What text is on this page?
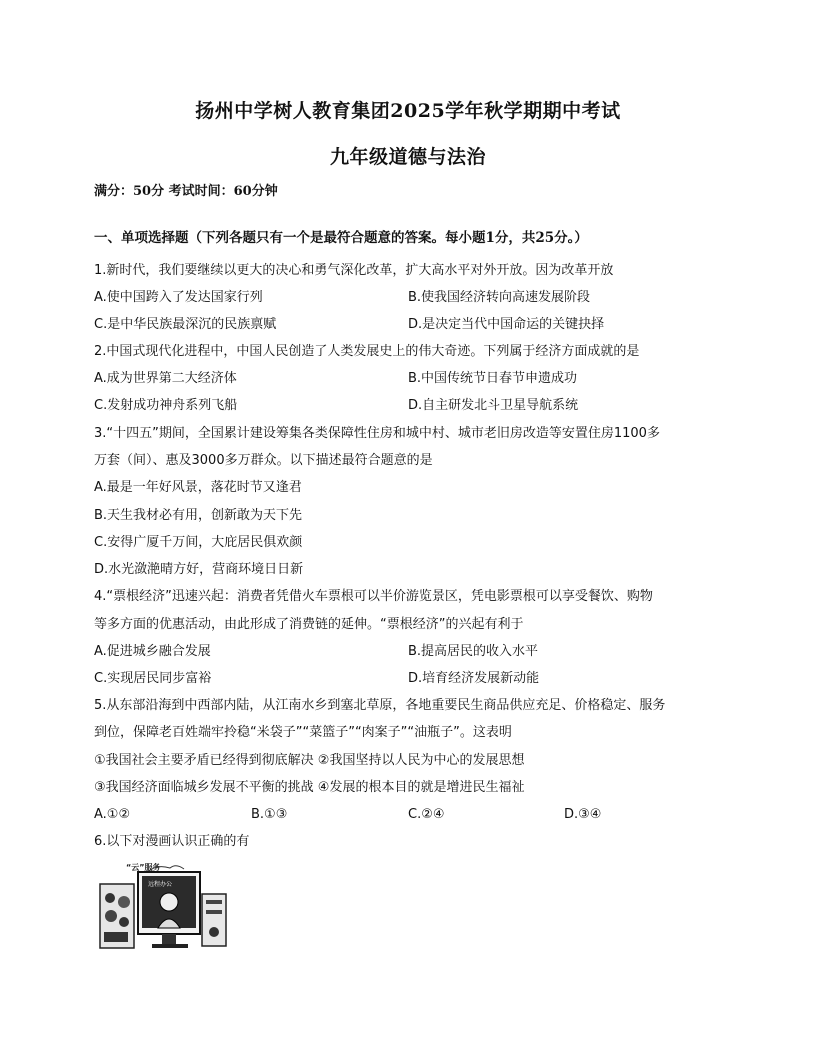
扬州中学树人教育集团2025学年秋学期期中考试
九年级道德与法治
满分：50分 考试时间：60分钟
一、单项选择题（下列各题只有一个是最符合题意的答案。每小题1分，共25分。）
1.新时代，我们要继续以更大的决心和勇气深化改革，扩大高水平对外开放。因为改革开放
A.使中国跨入了发达国家行列	B.使我国经济转向高速发展阶段
C.是中华民族最深沉的民族禀赋	D.是决定当代中国命运的关键抉择
2.中国式现代化进程中，中国人民创造了人类发展史上的伟大奇迹。下列属于经济方面成就的是
A.成为世界第二大经济体	B.中国传统节日春节申遗成功
C.发射成功神舟系列飞船	D.自主研发北斗卫星导航系统
3.“十四五”期间，全国累计建设筹集各类保障性住房和城中村、城市老旧房改造等安置住房1100多
万套（间）、惠及3000多万群众。以下描述最符合题意的是
A.最是一年好风景，落花时节又逢君
B.天生我材必有用，创新敢为天下先
C.安得广厦千万间，大庇居民俱欢颜
D.水光潋滟晴方好，营商环境日日新
4.“票根经济”迅速兴起：消费者凭借火车票根可以半价游览景区，凭电影票根可以享受餐饮、购物
等多方面的优惠活动，由此形成了消费链的延伸。“票根经济”的兴起有利于
A.促进城乡融合发展	B.提高居民的收入水平
C.实现居民同步富裕	D.培育经济发展新动能
5.从东部沿海到中西部内陆，从江南水乡到塞北草原，各地重要民生商品供应充足、价格稳定、服务
到位，保障老百姓端牢拎稳“米袋子”“菜篮子”“肉案子”“油瓶子”。这表明
①我国社会主要矛盾已经得到彻底解决 ②我国坚持以人民为中心的发展思想
③我国经济面临城乡发展不平衡的挑战 ④发展的根本目的就是增进民生福祉
A.①②	B.①③	C.②④	D.③④
6.以下对漫画认识正确的有
“云”服务
远程办公
